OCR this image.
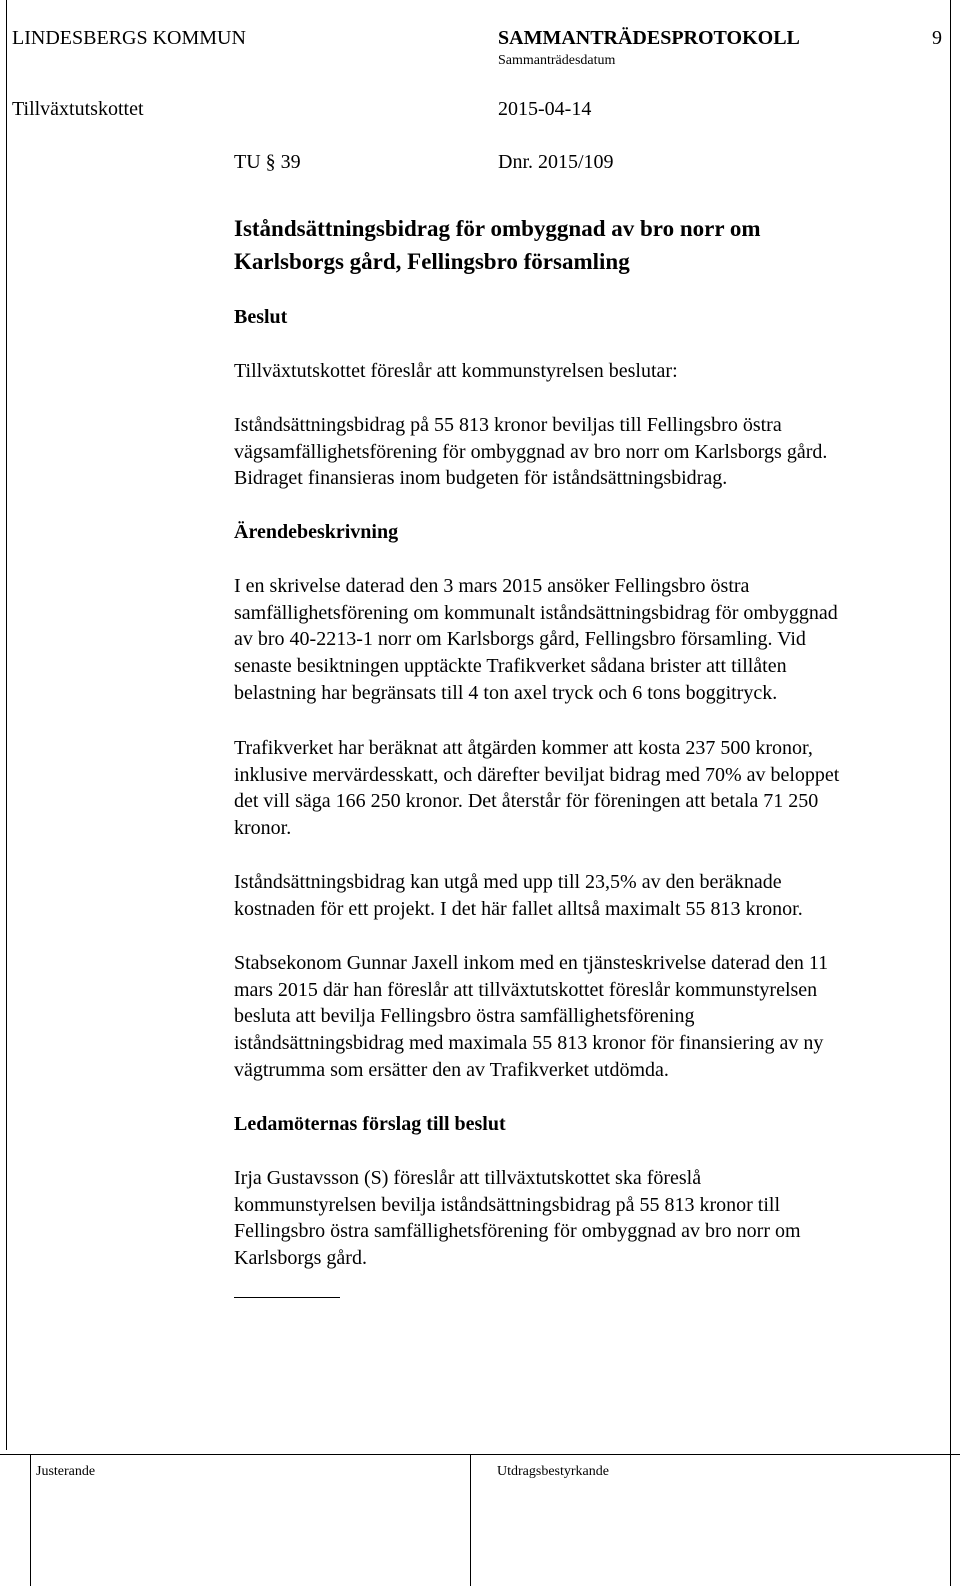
LINDESBERGS KOMMUN	SAMMANTRÄDESPROTOKOLL	9
Sammanträdesdatum
Tillväxtutskottet	2015-04-14
TU § 39	Dnr. 2015/109
Iståndsättningsbidrag för ombyggnad av bro norr om
Karlsborgs gård, Fellingsbro församling
Beslut
Tillväxtutskottet föreslår att kommunstyrelsen beslutar:
Iståndsättningsbidrag på 55 813 kronor beviljas till Fellingsbro östra
vägsamfällighetsförening för ombyggnad av bro norr om Karlsborgs gård.
Bidraget finansieras inom budgeten för iståndsättningsbidrag.
Ärendebeskrivning
I en skrivelse daterad den 3 mars 2015 ansöker Fellingsbro östra
samfällighetsförening om kommunalt iståndsättningsbidrag för ombyggnad
av bro 40-2213-1 norr om Karlsborgs gård, Fellingsbro församling. Vid
senaste besiktningen upptäckte Trafikverket sådana brister att tillåten
belastning har begränsats till 4 ton axel tryck och 6 tons boggitryck.
Trafikverket har beräknat att åtgärden kommer att kosta 237 500 kronor,
inklusive mervärdesskatt, och därefter beviljat bidrag med 70% av beloppet
det vill säga 166 250 kronor. Det återstår för föreningen att betala 71 250
kronor.
Iståndsättningsbidrag kan utgå med upp till 23,5% av den beräknade
kostnaden för ett projekt. I det här fallet alltså maximalt 55 813 kronor.
Stabsekonom Gunnar Jaxell inkom med en tjänsteskrivelse daterad den 11
mars 2015 där han föreslår att tillväxtutskottet föreslår kommunstyrelsen
besluta att bevilja Fellingsbro östra samfällighetsförening
iståndsättningsbidrag med maximala 55 813 kronor för finansiering av ny
vägtrumma som ersätter den av Trafikverket utdömda.
Ledamöternas förslag till beslut
Irja Gustavsson (S) föreslår att tillväxtutskottet ska föreslå
kommunstyrelsen bevilja iståndsättningsbidrag på 55 813 kronor till
Fellingsbro östra samfällighetsförening för ombyggnad av bro norr om
Karlsborgs gård.
Justerande	Utdragsbestyrkande
